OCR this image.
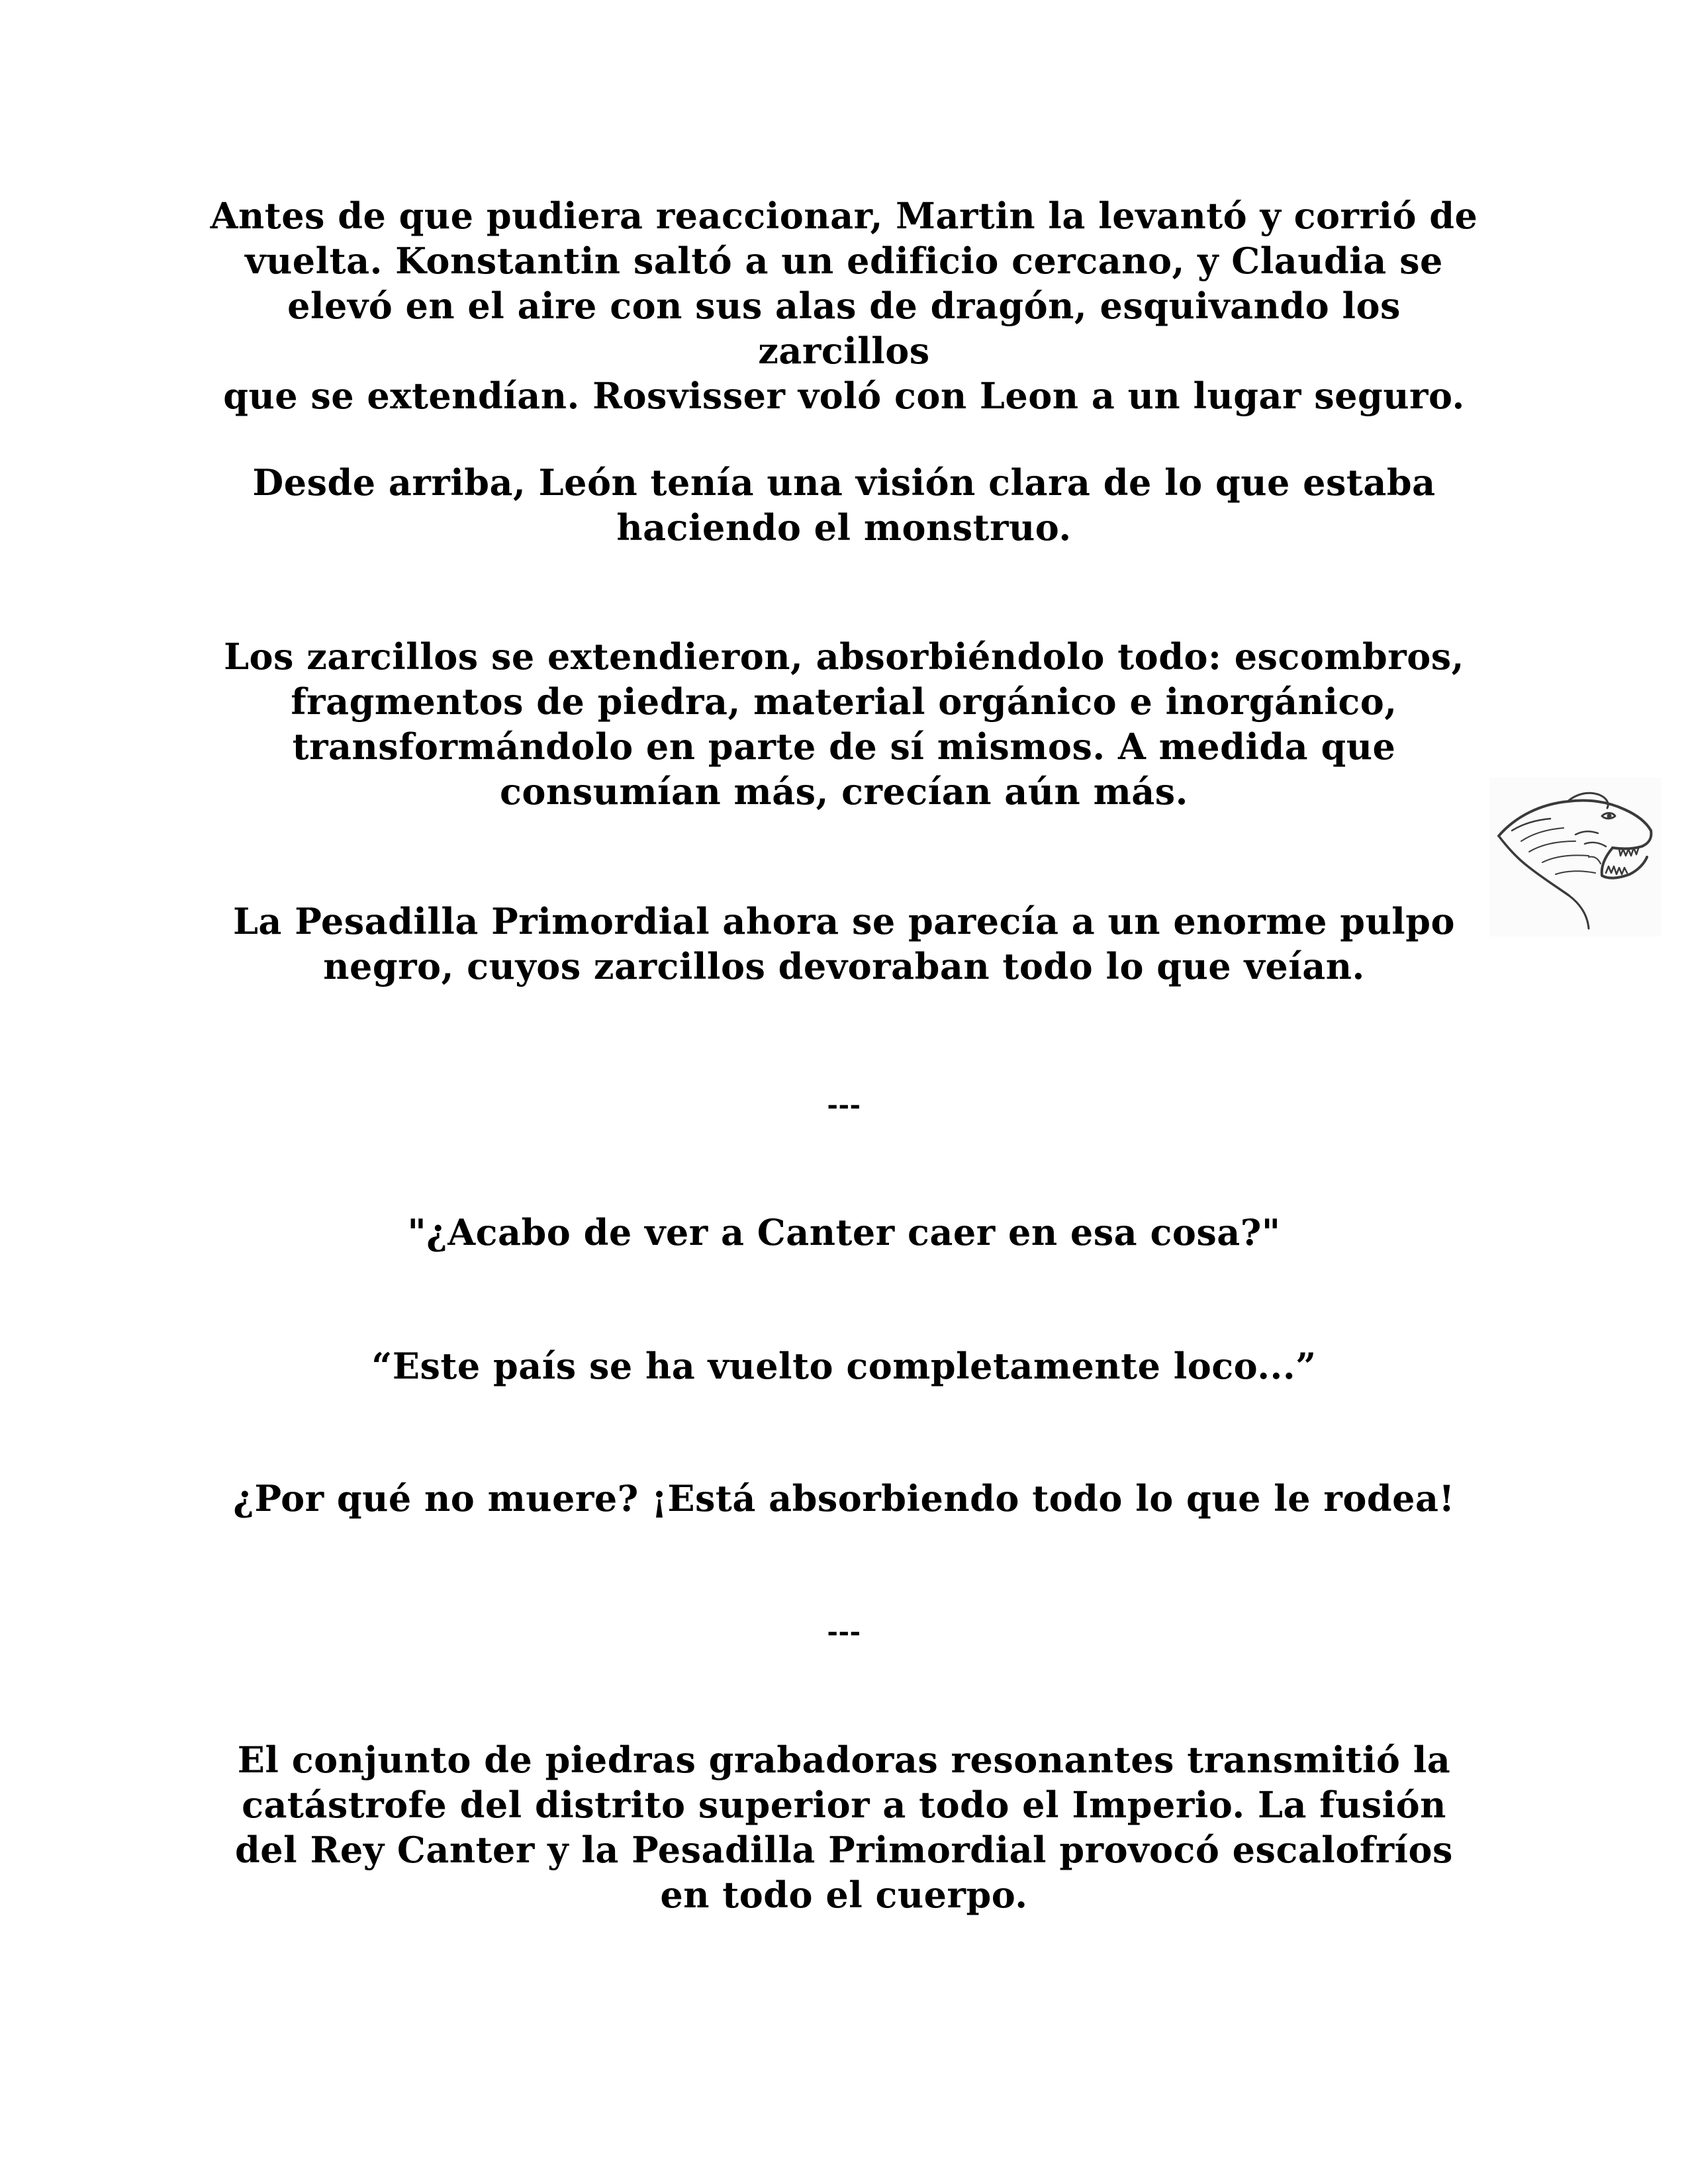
Antes de que pudiera reaccionar, Martin la levantó y corrió de
vuelta. Konstantin saltó a un edificio cercano, y Claudia se
elevó en el aire con sus alas de dragón, esquivando los zarcillos
que se extendían. Rosvisser voló con Leon a un lugar seguro.

Desde arriba, León tenía una visión clara de lo que estaba
haciendo el monstruo.

Los zarcillos se extendieron, absorbiéndolo todo: escombros,
fragmentos de piedra, material orgánico e inorgánico,
transformándolo en parte de sí mismos. A medida que
consumían más, crecían aún más.

La Pesadilla Primordial ahora se parecía a un enorme pulpo
negro, cuyos zarcillos devoraban todo lo que veían.

---

"¿Acabo de ver a Canter caer en esa cosa?"

“Este país se ha vuelto completamente loco...”

¿Por qué no muere? ¡Está absorbiendo todo lo que le rodea!

---

El conjunto de piedras grabadoras resonantes transmitió la
catástrofe del distrito superior a todo el Imperio. La fusión
del Rey Canter y la Pesadilla Primordial provocó escalofríos
en todo el cuerpo.
